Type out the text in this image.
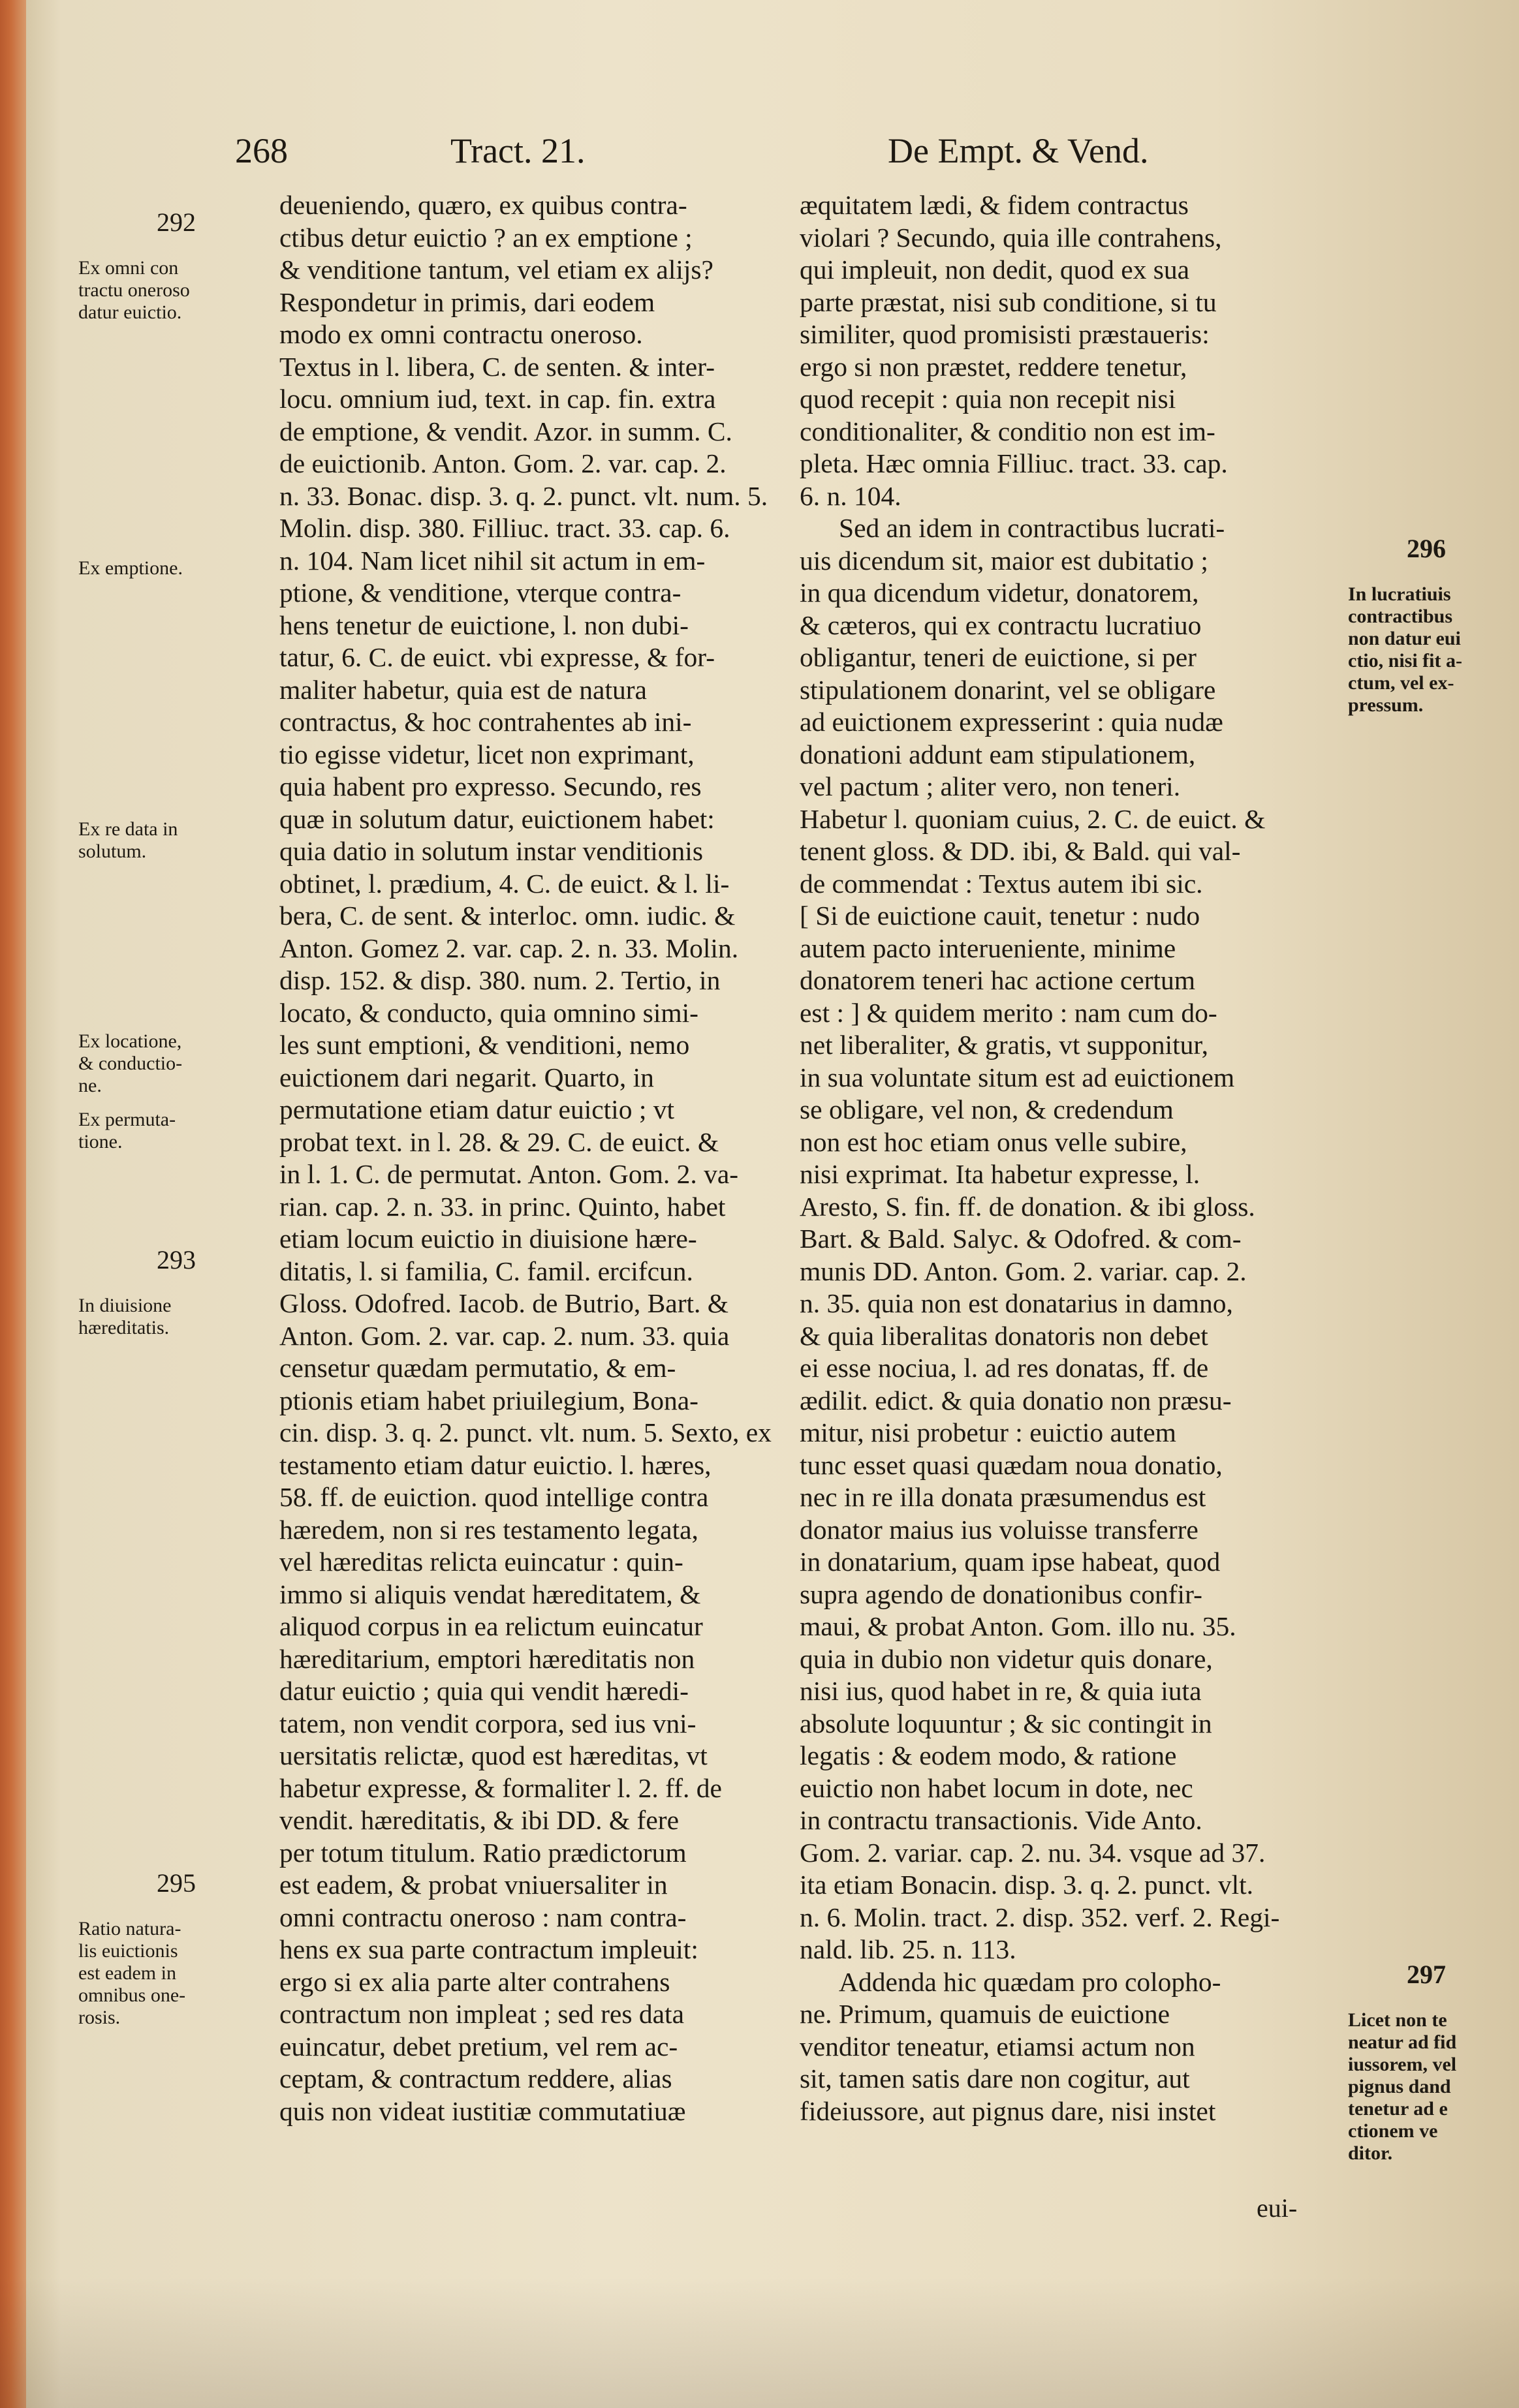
268	Tract. 21.	De Empt. & Vend.
deueniendo, quæro, ex quibus contra-
ctibus detur euictio ? an ex emptione ;
& venditione tantum, vel etiam ex alijs?
Respondetur in primis, dari eodem
modo ex omni contractu oneroso.
Textus in l. libera, C. de senten. & inter-
locu. omnium iud, text. in cap. fin. extra
de emptione, & vendit. Azor. in summ. C.
de euictionib. Anton. Gom. 2. var. cap. 2.
n. 33. Bonac. disp. 3. q. 2. punct. vlt. num. 5.
Molin. disp. 380. Filliuc. tract. 33. cap. 6.
n. 104. Nam licet nihil sit actum in em-
ptione, & venditione, vterque contra-
hens tenetur de euictione, l. non dubi-
tatur, 6. C. de euict. vbi expresse, & for-
maliter habetur, quia est de natura
contractus, & hoc contrahentes ab ini-
tio egisse videtur, licet non exprimant,
quia habent pro expresso. Secundo, res
quæ in solutum datur, euictionem habet:
quia datio in solutum instar venditionis
obtinet, l. prædium, 4. C. de euict. & l. li-
bera, C. de sent. & interloc. omn. iudic. &
Anton. Gomez 2. var. cap. 2. n. 33. Molin.
disp. 152. & disp. 380. num. 2. Tertio, in
locato, & conducto, quia omnino simi-
les sunt emptioni, & venditioni, nemo
euictionem dari negarit. Quarto, in
permutatione etiam datur euictio ; vt
probat text. in l. 28. & 29. C. de euict. &
in l. 1. C. de permutat. Anton. Gom. 2. va-
rian. cap. 2. n. 33. in princ. Quinto, habet
etiam locum euictio in diuisione hære-
ditatis, l. si familia, C. famil. ercifcun.
Gloss. Odofred. Iacob. de Butrio, Bart. &
Anton. Gom. 2. var. cap. 2. num. 33. quia
censetur quædam permutatio, & em-
ptionis etiam habet priuilegium, Bona-
cin. disp. 3. q. 2. punct. vlt. num. 5. Sexto, ex
testamento etiam datur euictio. l. hæres,
58. ff. de euiction. quod intellige contra
hæredem, non si res testamento legata,
vel hæreditas relicta euincatur : quin-
immo si aliquis vendat hæreditatem, &
aliquod corpus in ea relictum euincatur
hæreditarium, emptori hæreditatis non
datur euictio ; quia qui vendit hæredi-
tatem, non vendit corpora, sed ius vni-
uersitatis relictæ, quod est hæreditas, vt
habetur expresse, & formaliter l. 2. ff. de
vendit. hæreditatis, & ibi DD. & fere
per totum titulum. Ratio prædictorum
est eadem, & probat vniuersaliter in
omni contractu oneroso : nam contra-
hens ex sua parte contractum impleuit:
ergo si ex alia parte alter contrahens
contractum non impleat ; sed res data
euincatur, debet pretium, vel rem ac-
ceptam, & contractum reddere, alias
quis non videat iustitiæ commutatiuæ
æquitatem lædi, & fidem contractus
violari ? Secundo, quia ille contrahens,
qui impleuit, non dedit, quod ex sua
parte præstat, nisi sub conditione, si tu
similiter, quod promisisti præstaueris:
ergo si non præstet, reddere tenetur,
quod recepit : quia non recepit nisi
conditionaliter, & conditio non est im-
pleta. Hæc omnia Filliuc. tract. 33. cap.
6. n. 104.
Sed an idem in contractibus lucrati-
uis dicendum sit, maior est dubitatio ;
in qua dicendum videtur, donatorem,
& cæteros, qui ex contractu lucratiuo
obligantur, teneri de euictione, si per
stipulationem donarint, vel se obligare
ad euictionem expresserint : quia nudæ
donationi addunt eam stipulationem,
vel pactum ; aliter vero, non teneri.
Habetur l. quoniam cuius, 2. C. de euict. &
tenent gloss. & DD. ibi, & Bald. qui val-
de commendat : Textus autem ibi sic.
[ Si de euictione cauit, tenetur : nudo
autem pacto interueniente, minime
donatorem teneri hac actione certum
est : ] & quidem merito : nam cum do-
net liberaliter, & gratis, vt supponitur,
in sua voluntate situm est ad euictionem
se obligare, vel non, & credendum
non est hoc etiam onus velle subire,
nisi exprimat. Ita habetur expresse, l.
Aresto, S. fin. ff. de donation. & ibi gloss.
Bart. & Bald. Salyc. & Odofred. & com-
munis DD. Anton. Gom. 2. variar. cap. 2.
n. 35. quia non est donatarius in damno,
& quia liberalitas donatoris non debet
ei esse nociua, l. ad res donatas, ff. de
ædilit. edict. & quia donatio non præsu-
mitur, nisi probetur : euictio autem
tunc esset quasi quædam noua donatio,
nec in re illa donata præsumendus est
donator maius ius voluisse transferre
in donatarium, quam ipse habeat, quod
supra agendo de donationibus confir-
maui, & probat Anton. Gom. illo nu. 35.
quia in dubio non videtur quis donare,
nisi ius, quod habet in re, & quia iuta
absolute loquuntur ; & sic contingit in
legatis : & eodem modo, & ratione
euictio non habet locum in dote, nec
in contractu transactionis. Vide Anto.
Gom. 2. variar. cap. 2. nu. 34. vsque ad 37.
ita etiam Bonacin. disp. 3. q. 2. punct. vlt.
n. 6. Molin. tract. 2. disp. 352. verf. 2. Regi-
nald. lib. 25. n. 113.
Addenda hic quædam pro colopho-
ne. Primum, quamuis de euictione
venditor teneatur, etiamsi actum non
sit, tamen satis dare non cogitur, aut
fideiussore, aut pignus dare, nisi instet

292

Ex omni con
tractu oneroso
datur euictio.

Ex emptione.

Ex re data in
solutum.

Ex locatione,
& conductio-
ne.

Ex permuta-
tione.

293

In diuisione
hæreditatis.

295

Ratio natura-
lis euictionis
est eadem in
omnibus one-
rosis.

296

In lucratiuis
contractibus
non datur eui
ctio, nisi fit a-
ctum, vel ex-
pressum.

297

Licet non te
neatur ad fid
iussorem, vel
pignus dand
tenetur ad e
ctionem ve
ditor.

eui-
